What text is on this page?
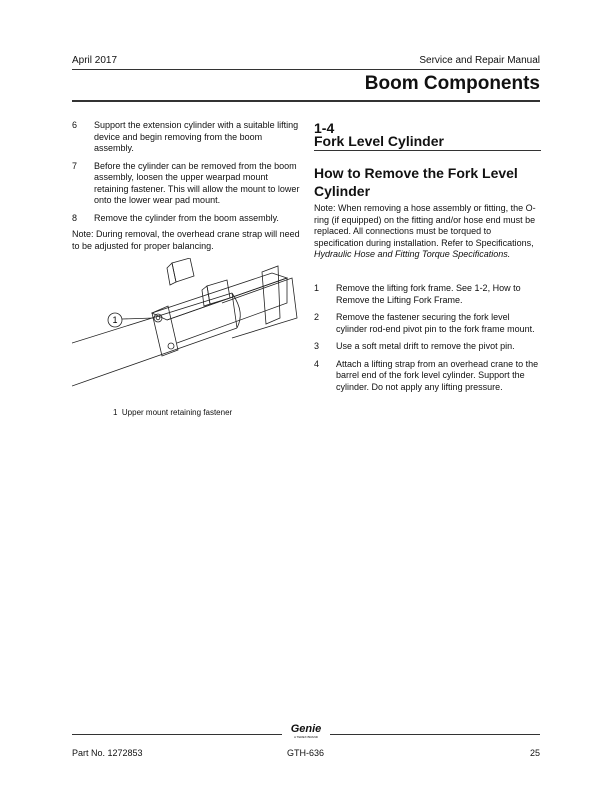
April 2017	Service and Repair Manual
Boom Components
6 Support the extension cylinder with a suitable lifting device and begin removing from the boom assembly.
7 Before the cylinder can be removed from the boom assembly, loosen the upper wearpad mount retaining fastener. This will allow the mount to lower onto the lower wear pad mount.
8 Remove the cylinder from the boom assembly.
Note: During removal, the overhead crane strap will need to be adjusted for proper balancing.
1
1 Upper mount retaining fastener
1-4
Fork Level Cylinder
How to Remove the Fork Level Cylinder
Note: When removing a hose assembly or fitting, the O-ring (if equipped) on the fitting and/or hose end must be replaced. All connections must be torqued to specification during installation. Refer to Specifications, Hydraulic Hose and Fitting Torque Specifications.
1 Remove the lifting fork frame. See 1-2, How to Remove the Lifting Fork Frame.
2 Remove the fastener securing the fork level cylinder rod-end pivot pin to the fork frame mount.
3 Use a soft metal drift to remove the pivot pin.
4 Attach a lifting strap from an overhead crane to the barrel end of the fork level cylinder. Support the cylinder. Do not apply any lifting pressure.
Genie
A TEREX BRAND
Part No. 1272853	GTH-636	25
